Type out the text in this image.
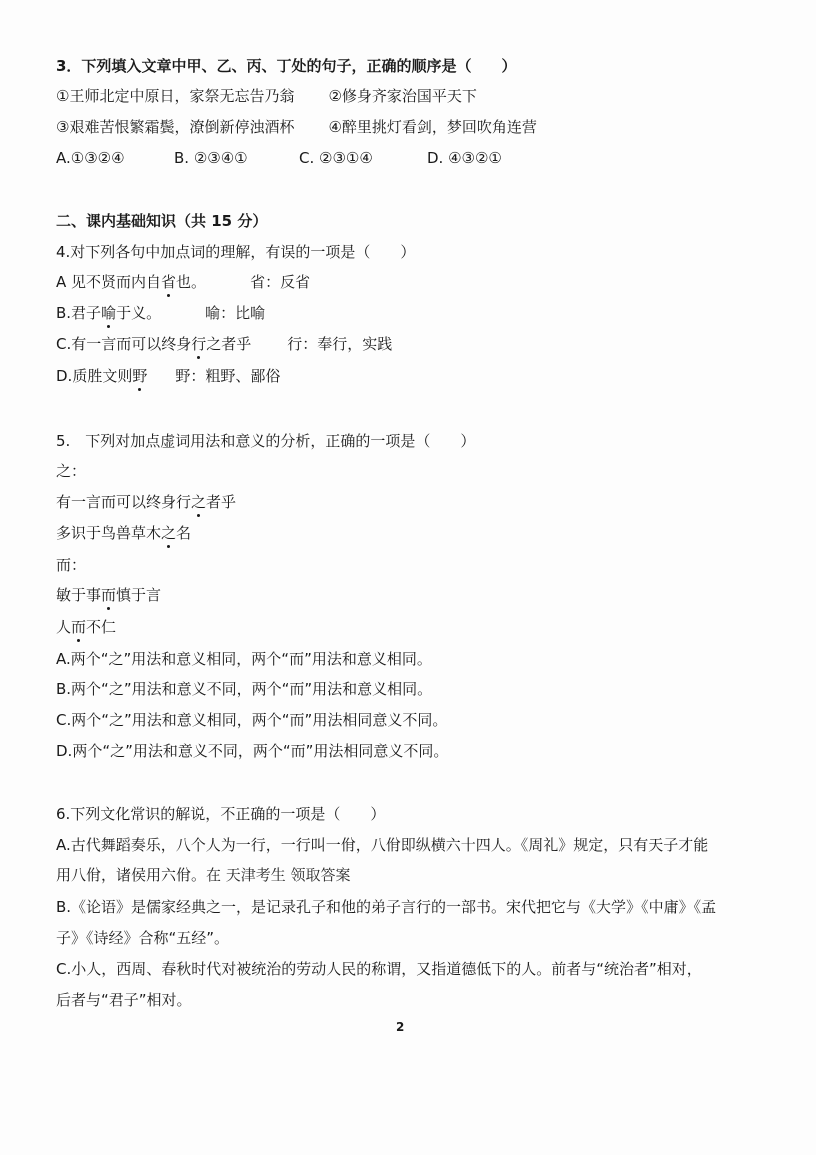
3．下列填入文章中甲、乙、丙、丁处的句子，正确的顺序是（　　）
①王师北定中原日，家祭无忘告乃翁 ②修身齐家治国平天下
③艰难苦恨繁霜鬓，潦倒新停浊酒杯 ④醉里挑灯看剑，梦回吹角连营
A.①③②④	B. ②③④①	C. ②③①④	D. ④③②①
二、课内基础知识（共 15 分）
4.对下列各句中加点词的理解，有误的一项是（　　）
A 见不贤而内自省也。	省：反省
B.君子喻于义。	喻：比喻
C.有一言而可以终身行之者乎 行：奉行，实践
D.质胜文则野 野：粗野、鄙俗
5.　下列对加点虚词用法和意义的分析，正确的一项是（　　）
之：
有一言而可以终身行之者乎
多识于鸟兽草木之名
而：
敏于事而慎于言
人而不仁
A.两个“之”用法和意义相同，两个“而”用法和意义相同。
B.两个“之”用法和意义不同，两个“而”用法和意义相同。
C.两个“之”用法和意义相同，两个“而”用法相同意义不同。
D.两个“之”用法和意义不同，两个“而”用法相同意义不同。
6.下列文化常识的解说，不正确的一项是（　　）
A.古代舞蹈奏乐，八个人为一行，一行叫一佾，八佾即纵横六十四人。《周礼》规定，只有天子才能
用八佾，诸侯用六佾。在 天津考生 领取答案
B.《论语》是儒家经典之一，是记录孔子和他的弟子言行的一部书。宋代把它与《大学》《中庸》《孟
子》《诗经》合称“五经”。
C.小人，西周、春秋时代对被统治的劳动人民的称谓，又指道德低下的人。前者与“统治者”相对，
后者与“君子”相对。
2
